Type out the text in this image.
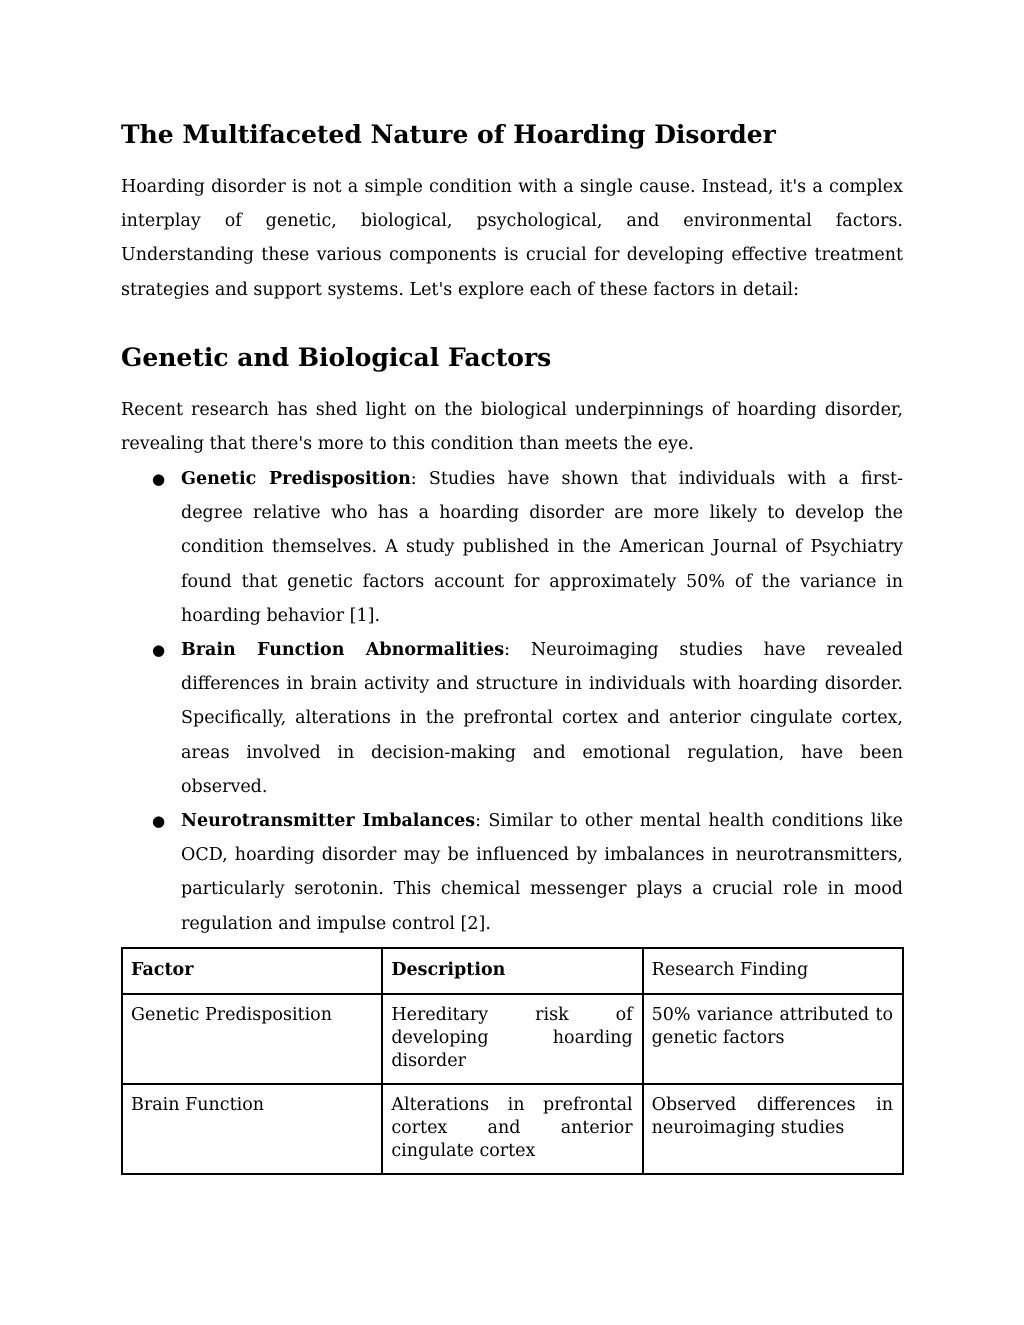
The Multifaceted Nature of Hoarding Disorder

Hoarding disorder is not a simple condition with a single cause. Instead, it's a complex interplay of genetic, biological, psychological, and environmental factors. Understanding these various components is crucial for developing effective treatment strategies and support systems. Let's explore each of these factors in detail:

Genetic and Biological Factors

Recent research has shed light on the biological underpinnings of hoarding disorder, revealing that there's more to this condition than meets the eye.

● Genetic Predisposition: Studies have shown that individuals with a first-degree relative who has a hoarding disorder are more likely to develop the condition themselves. A study published in the American Journal of Psychiatry found that genetic factors account for approximately 50% of the variance in hoarding behavior [1].
● Brain Function Abnormalities: Neuroimaging studies have revealed differences in brain activity and structure in individuals with hoarding disorder. Specifically, alterations in the prefrontal cortex and anterior cingulate cortex, areas involved in decision-making and emotional regulation, have been observed.
● Neurotransmitter Imbalances: Similar to other mental health conditions like OCD, hoarding disorder may be influenced by imbalances in neurotransmitters, particularly serotonin. This chemical messenger plays a crucial role in mood regulation and impulse control [2].
Factor	Description	Research Finding
Genetic Predisposition	Hereditary risk of developing hoarding disorder	50% variance attributed to genetic factors
Brain Function	Alterations in prefrontal cortex and anterior cingulate cortex	Observed differences in neuroimaging studies
